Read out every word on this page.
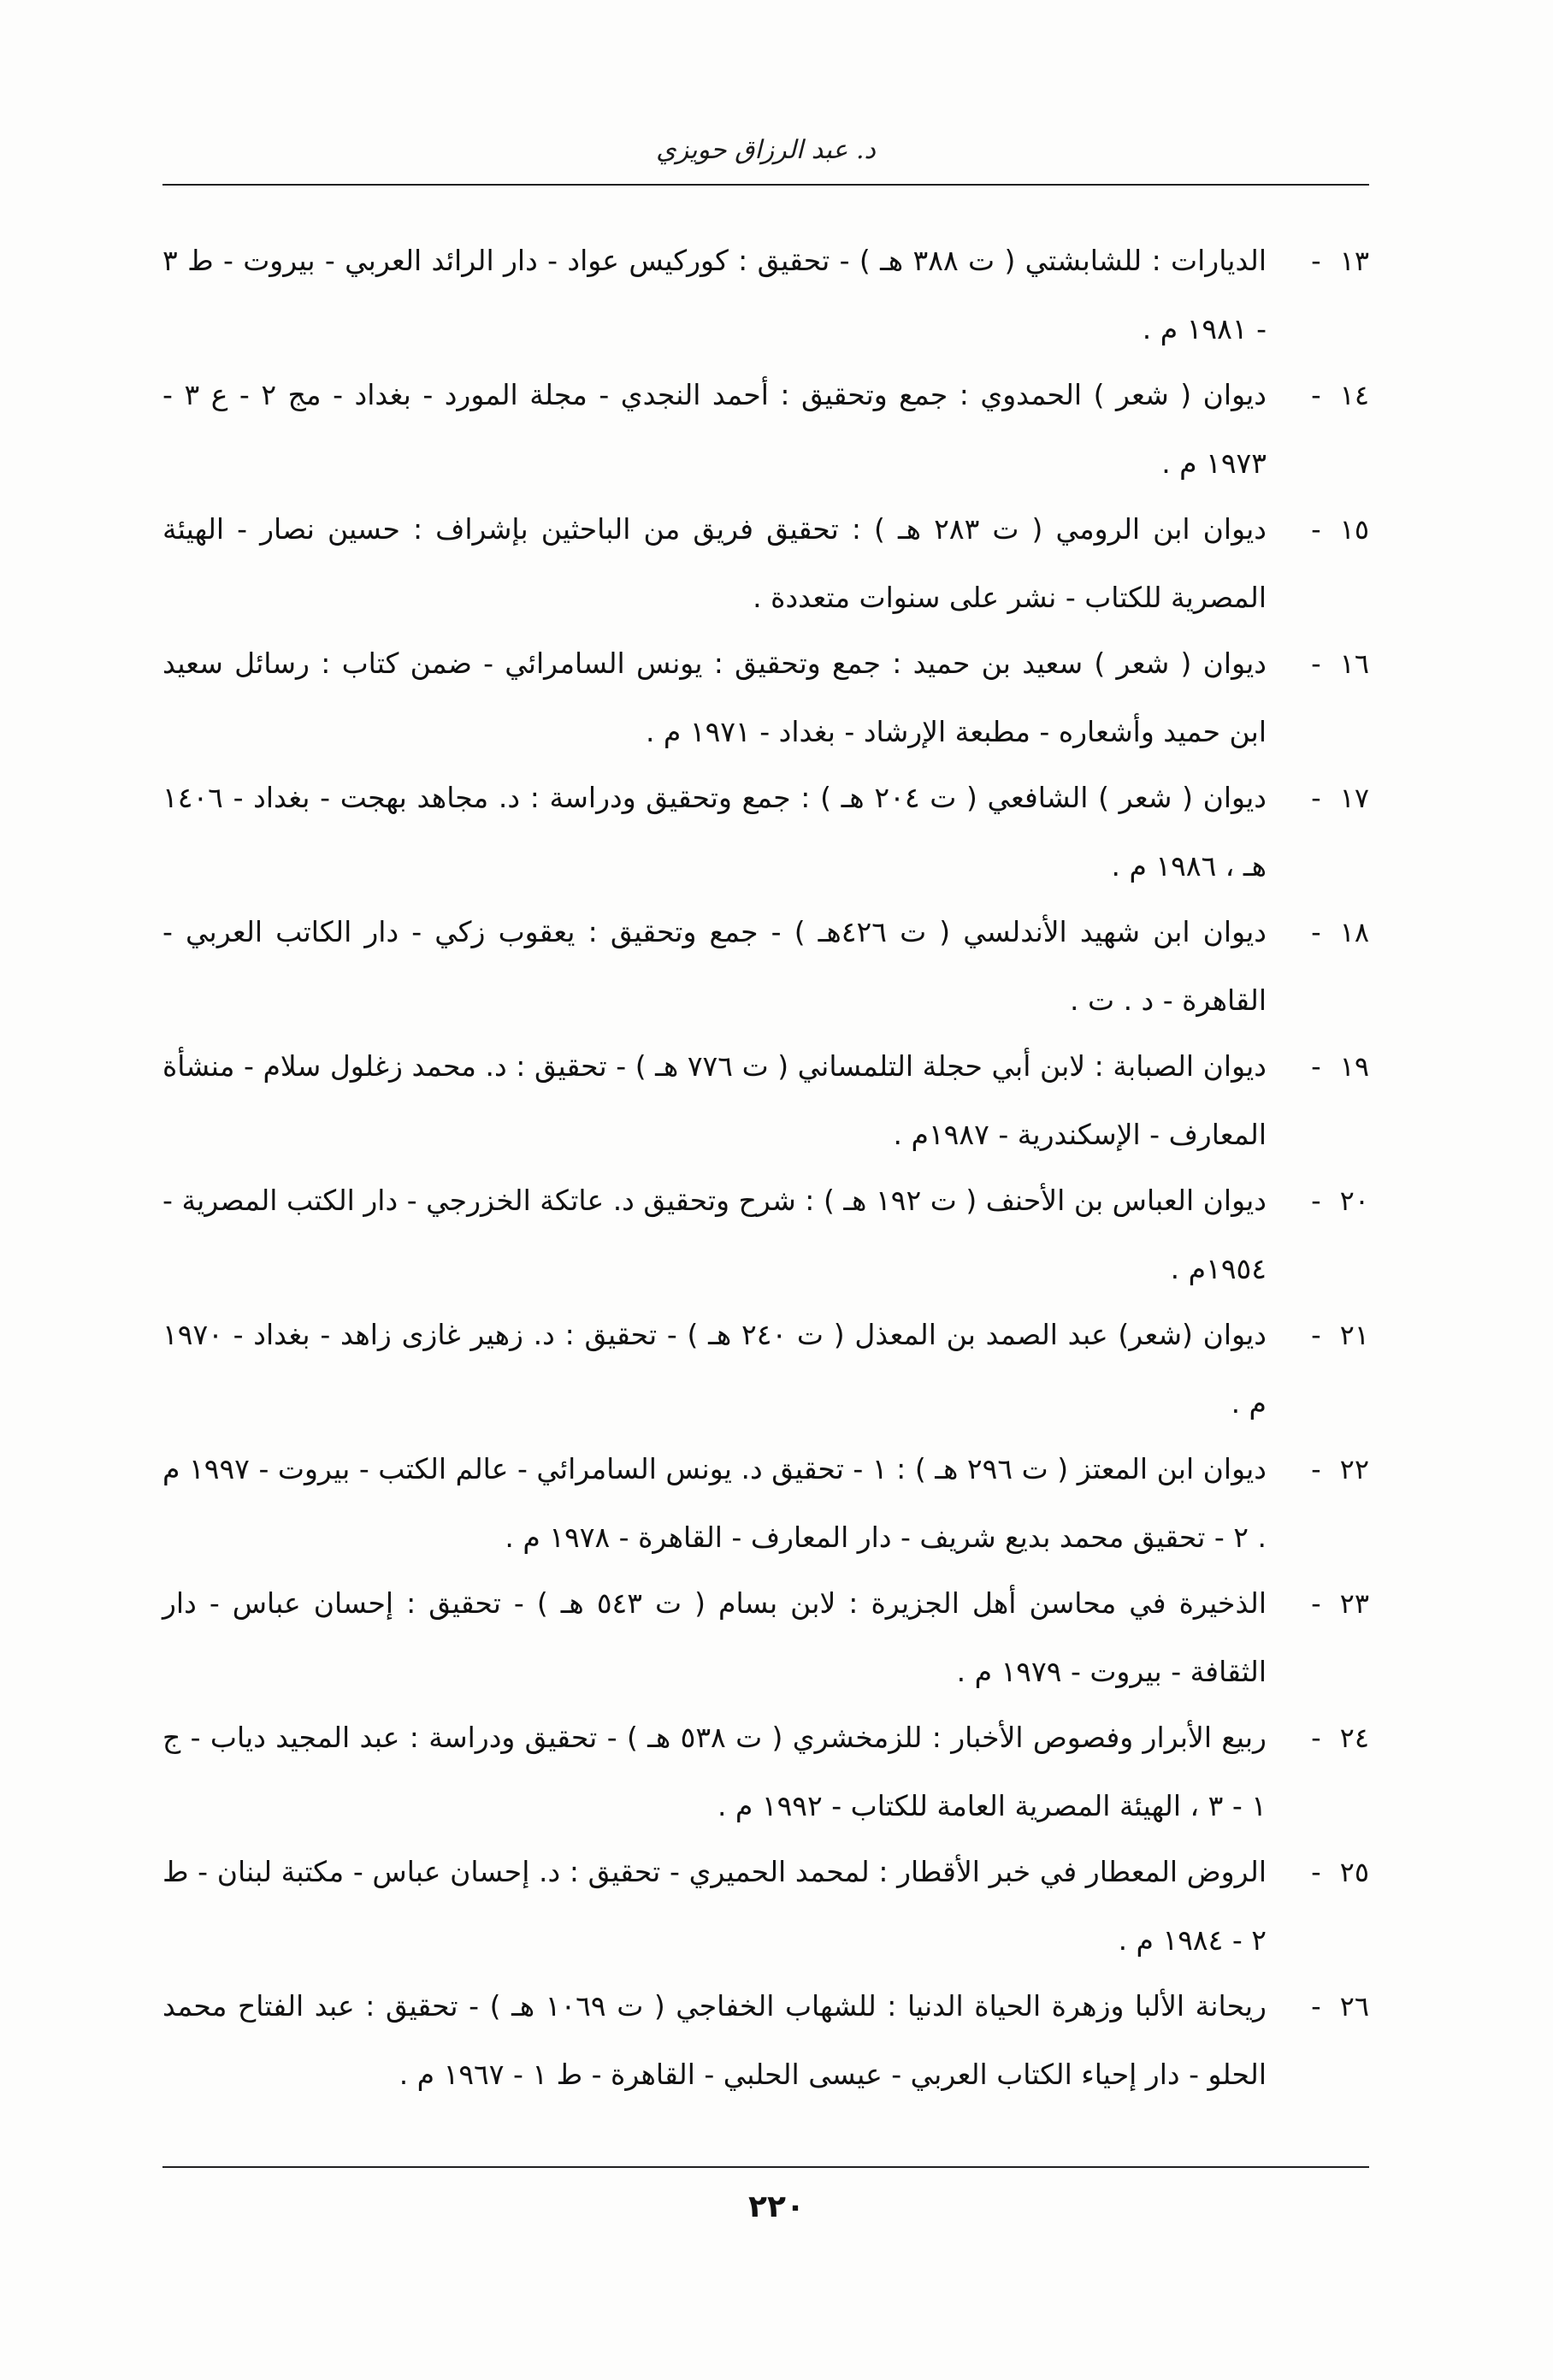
د. عبد الرزاق حويزي
١٣
-
الديارات : للشابشتي ( ت ٣٨٨ هـ ) - تحقيق : كوركيس عواد - دار الرائد العربي - بيروت - ط ٣ - ١٩٨١ م .
١٤
-
ديوان ( شعر ) الحمدوي : جمع وتحقيق : أحمد النجدي - مجلة المورد - بغداد - مج ٢ - ع ٣ - ١٩٧٣ م .
١٥
-
ديوان ابن الرومي ( ت ٢٨٣ هـ ) : تحقيق فريق من الباحثين بإشراف : حسين نصار - الهيئة المصرية للكتاب - نشر على سنوات متعددة .
١٦
-
ديوان ( شعر ) سعيد بن حميد : جمع وتحقيق : يونس السامرائي - ضمن كتاب : رسائل سعيد ابن حميد وأشعاره - مطبعة الإرشاد - بغداد - ١٩٧١ م .
١٧
-
ديوان ( شعر ) الشافعي ( ت ٢٠٤ هـ ) : جمع وتحقيق ودراسة : د. مجاهد بهجت - بغداد - ١٤٠٦ هـ ، ١٩٨٦ م .
١٨
-
ديوان ابن شهيد الأندلسي ( ت ٤٢٦هـ ) - جمع وتحقيق : يعقوب زكي - دار الكاتب العربي - القاهرة - د . ت .
١٩
-
ديوان الصبابة : لابن أبي حجلة التلمساني ( ت ٧٧٦ هـ ) - تحقيق : د. محمد زغلول سلام - منشأة المعارف - الإسكندرية - ١٩٨٧م .
٢٠
-
ديوان العباس بن الأحنف ( ت ١٩٢ هـ ) : شرح وتحقيق د. عاتكة الخزرجي - دار الكتب المصرية - ١٩٥٤م .
٢١
-
ديوان (شعر) عبد الصمد بن المعذل ( ت ٢٤٠ هـ ) - تحقيق : د. زهير غازى زاهد - بغداد - ١٩٧٠ م .
٢٢
-
ديوان ابن المعتز ( ت ٢٩٦ هـ ) : ١ - تحقيق د. يونس السامرائي - عالم الكتب - بيروت - ١٩٩٧ م . ٢ - تحقيق محمد بديع شريف - دار المعارف - القاهرة - ١٩٧٨ م .
٢٣
-
الذخيرة في محاسن أهل الجزيرة : لابن بسام ( ت ٥٤٣ هـ ) - تحقيق : إحسان عباس - دار الثقافة - بيروت - ١٩٧٩ م .
٢٤
-
ربيع الأبرار وفصوص الأخبار : للزمخشري ( ت ٥٣٨ هـ ) - تحقيق ودراسة : عبد المجيد دياب - ج ١ - ٣ ، الهيئة المصرية العامة للكتاب - ١٩٩٢ م .
٢٥
-
الروض المعطار في خبر الأقطار : لمحمد الحميري - تحقيق : د. إحسان عباس - مكتبة لبنان - ط ٢ - ١٩٨٤ م .
٢٦
-
ريحانة الألبا وزهرة الحياة الدنيا : للشهاب الخفاجي ( ت ١٠٦٩ هـ ) - تحقيق : عبد الفتاح محمد الحلو - دار إحياء الكتاب العربي - عيسى الحلبي - القاهرة - ط ١ - ١٩٦٧ م .
٢٢٠
